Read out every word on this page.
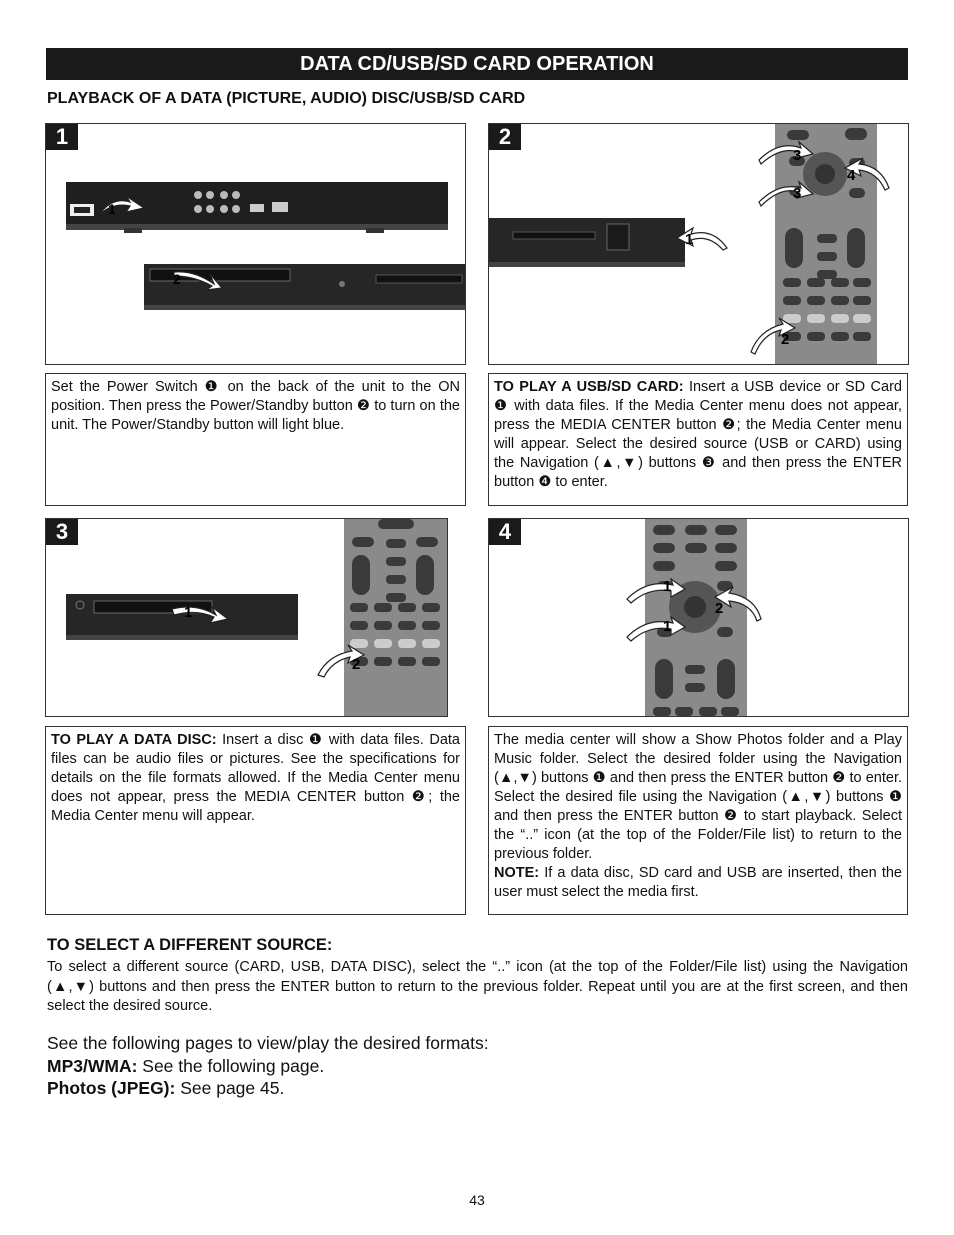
DATA CD/USB/SD CARD OPERATION
PLAYBACK OF A DATA (PICTURE, AUDIO) DISC/USB/SD CARD
1
1
2
2
3
4
3
1
2
Set the Power Switch ❶ on the back of the unit to the ON position. Then press the Power/Standby button ❷ to turn on the unit. The Power/Standby button will light blue.
TO PLAY A USB/SD CARD: Insert a USB device or SD Card ❶ with data files. If the Media Center menu does not appear, press the MEDIA CENTER button ❷; the Media Center menu will appear. Select the desired source (USB or CARD) using the Navigation (▲,▼) buttons ❸ and then press the ENTER button ❹ to enter.
3
1
2
4
1
2
1
TO PLAY A DATA DISC: Insert a disc ❶ with data files. Data files can be audio files or pictures. See the specifications for details on the file formats allowed. If the Media Center menu does not appear, press the MEDIA CENTER button ❷; the Media Center menu will appear.
The media center will show a Show Photos folder and a Play Music folder. Select the desired folder using the Navigation (▲,▼) buttons ❶ and then press the ENTER button ❷ to enter. Select the desired file using the Navigation (▲,▼) buttons ❶ and then press the ENTER button ❷ to start playback. Select the “..” icon (at the top of the Folder/File list) to return to the previous folder.
NOTE: If a data disc, SD card and USB are inserted, then the user must select the media first.
TO SELECT A DIFFERENT SOURCE:
To select a different source (CARD, USB, DATA DISC), select the “..” icon (at the top of the Folder/File list) using the Navigation (▲,▼) buttons and then press the ENTER button to return to the previous folder. Repeat until you are at the first screen, and then select the desired source.
See the following pages to view/play the desired formats:
MP3/WMA: See the following page.
Photos (JPEG): See page 45.
43
